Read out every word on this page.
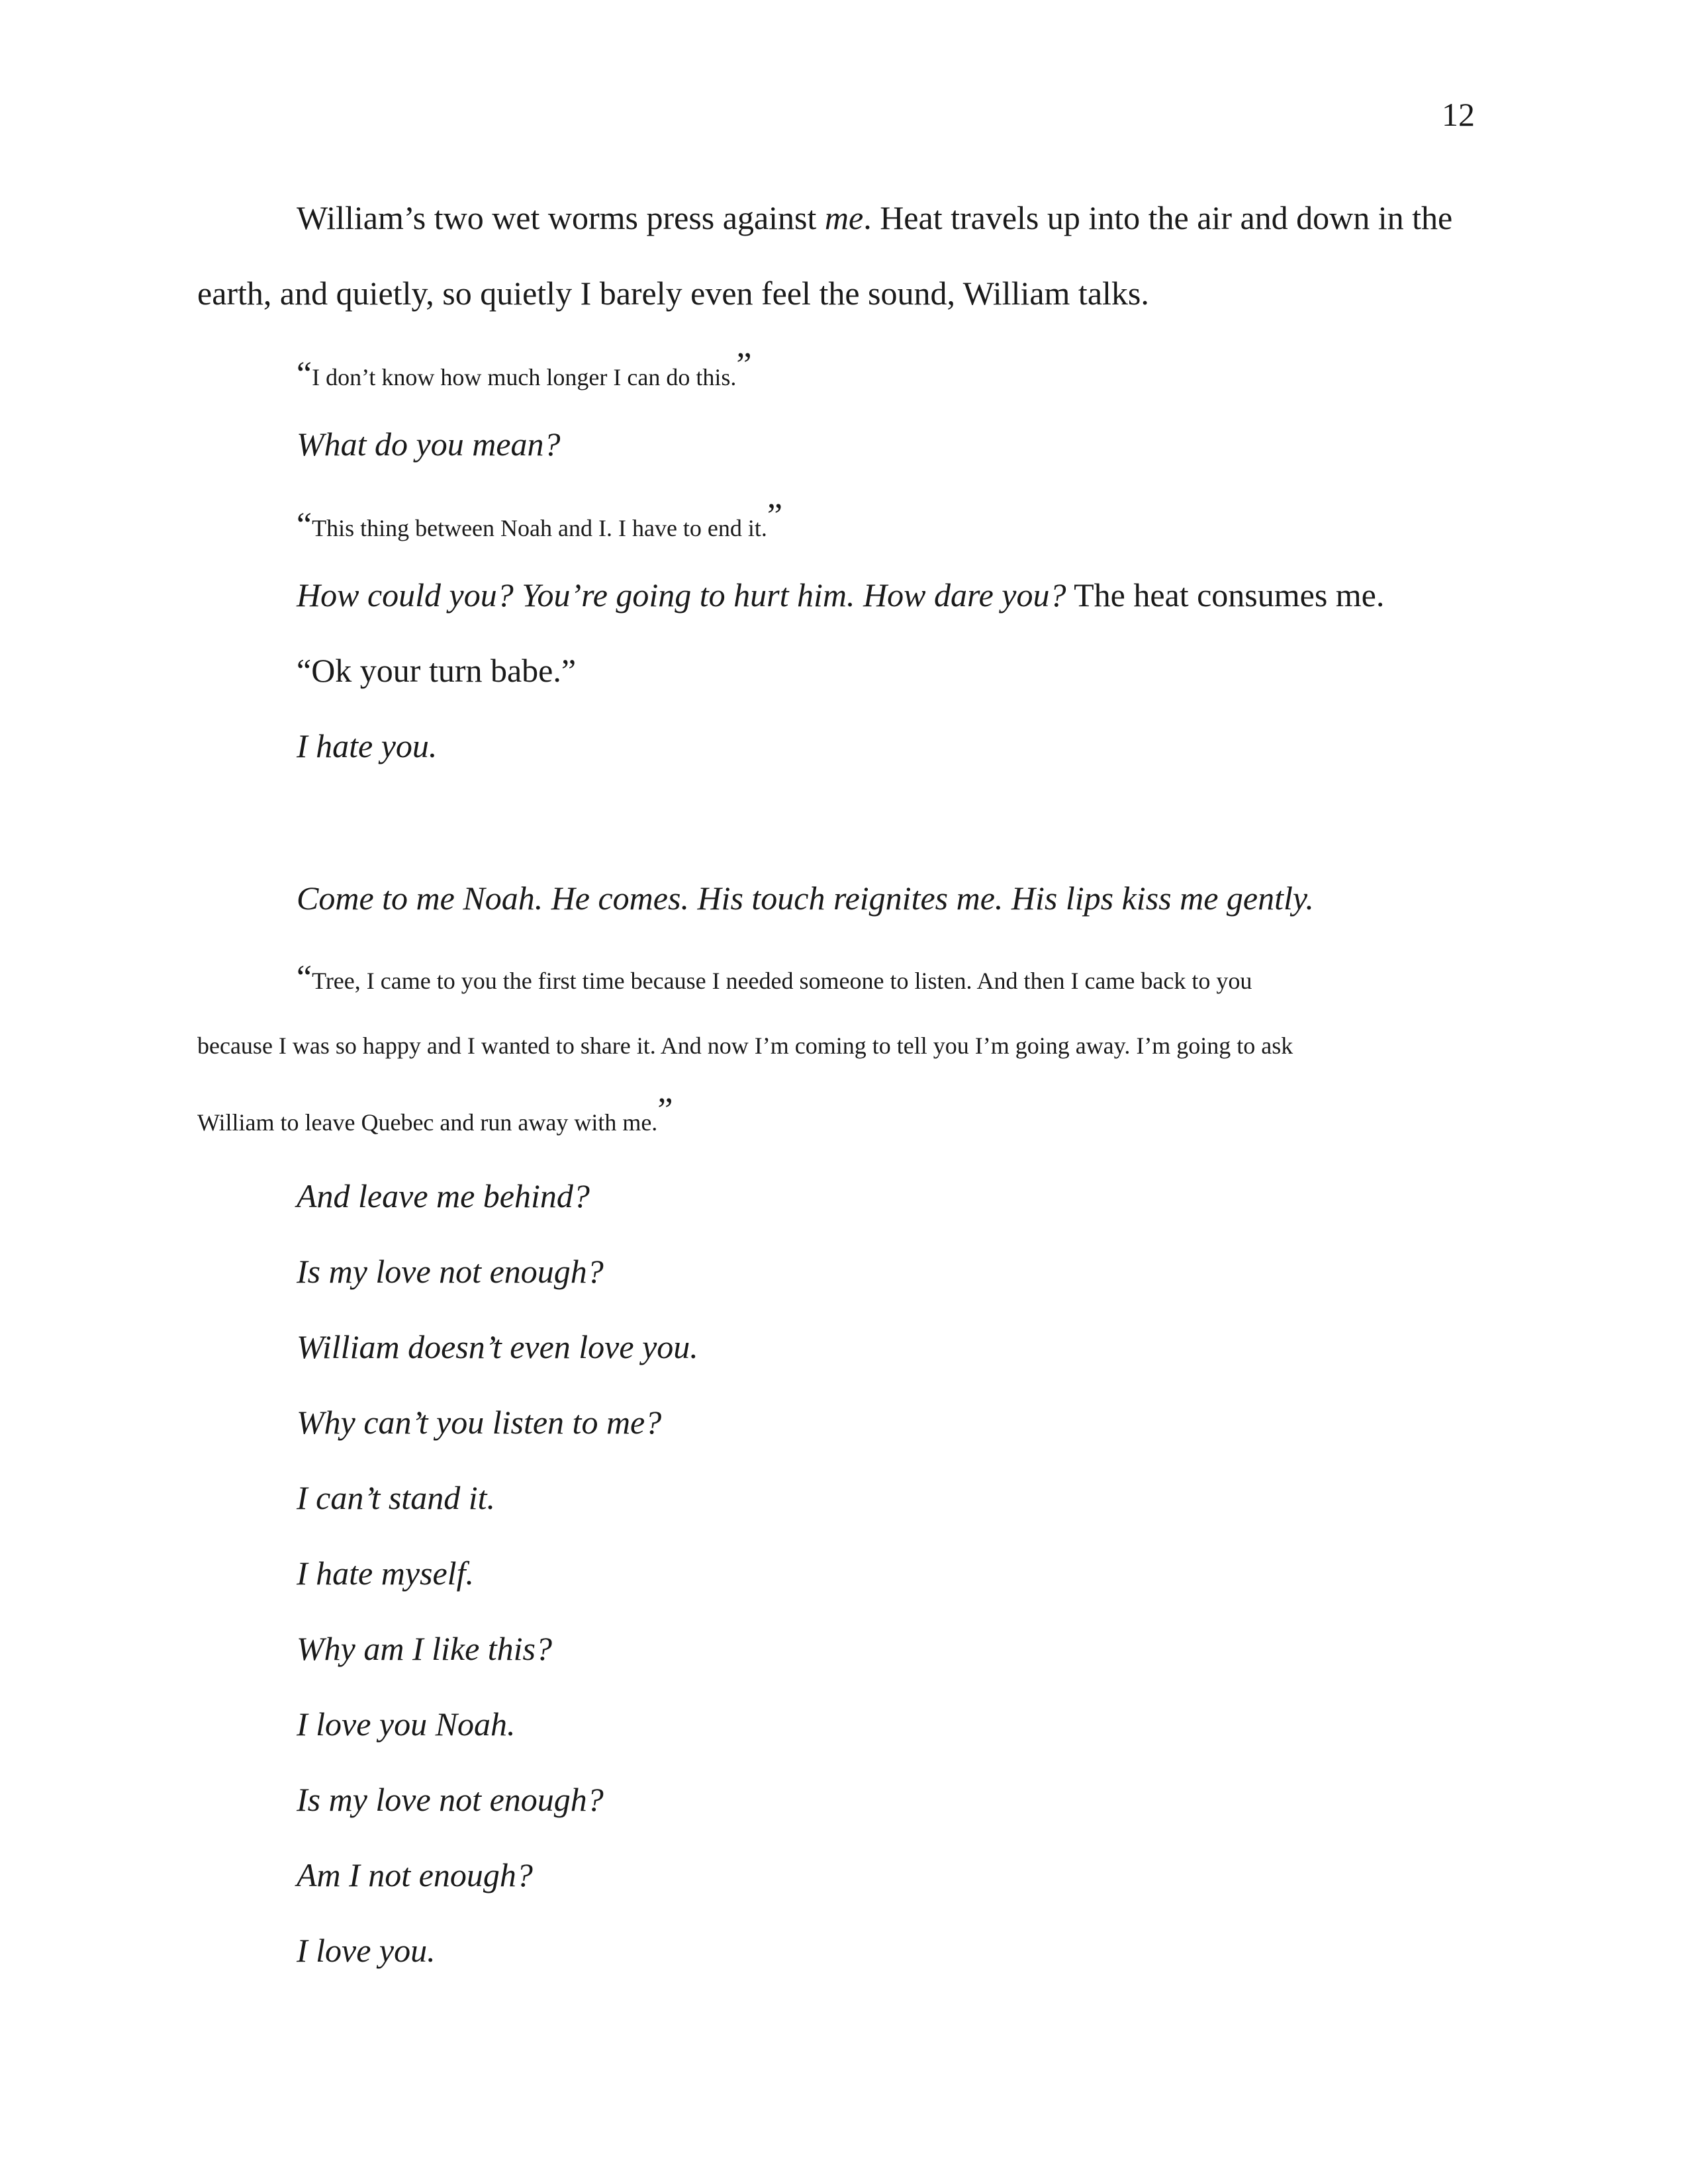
12
William’s two wet worms press against me. Heat travels up into the air and down in the
earth, and quietly, so quietly I barely even feel the sound, William talks.
“I don’t know how much longer I can do this.”
What do you mean?
“This thing between Noah and I. I have to end it.”
How could you? You’re going to hurt him. How dare you? The heat consumes me.
“Ok your turn babe.”
I hate you.
Come to me Noah. He comes. His touch reignites me. His lips kiss me gently.
“Tree, I came to you the first time because I needed someone to listen. And then I came back to you
because I was so happy and I wanted to share it. And now I’m coming to tell you I’m going away. I’m going to ask
William to leave Quebec and run away with me.”
And leave me behind?
Is my love not enough?
William doesn’t even love you.
Why can’t you listen to me?
I can’t stand it.
I hate myself.
Why am I like this?
I love you Noah.
Is my love not enough?
Am I not enough?
I love you.
